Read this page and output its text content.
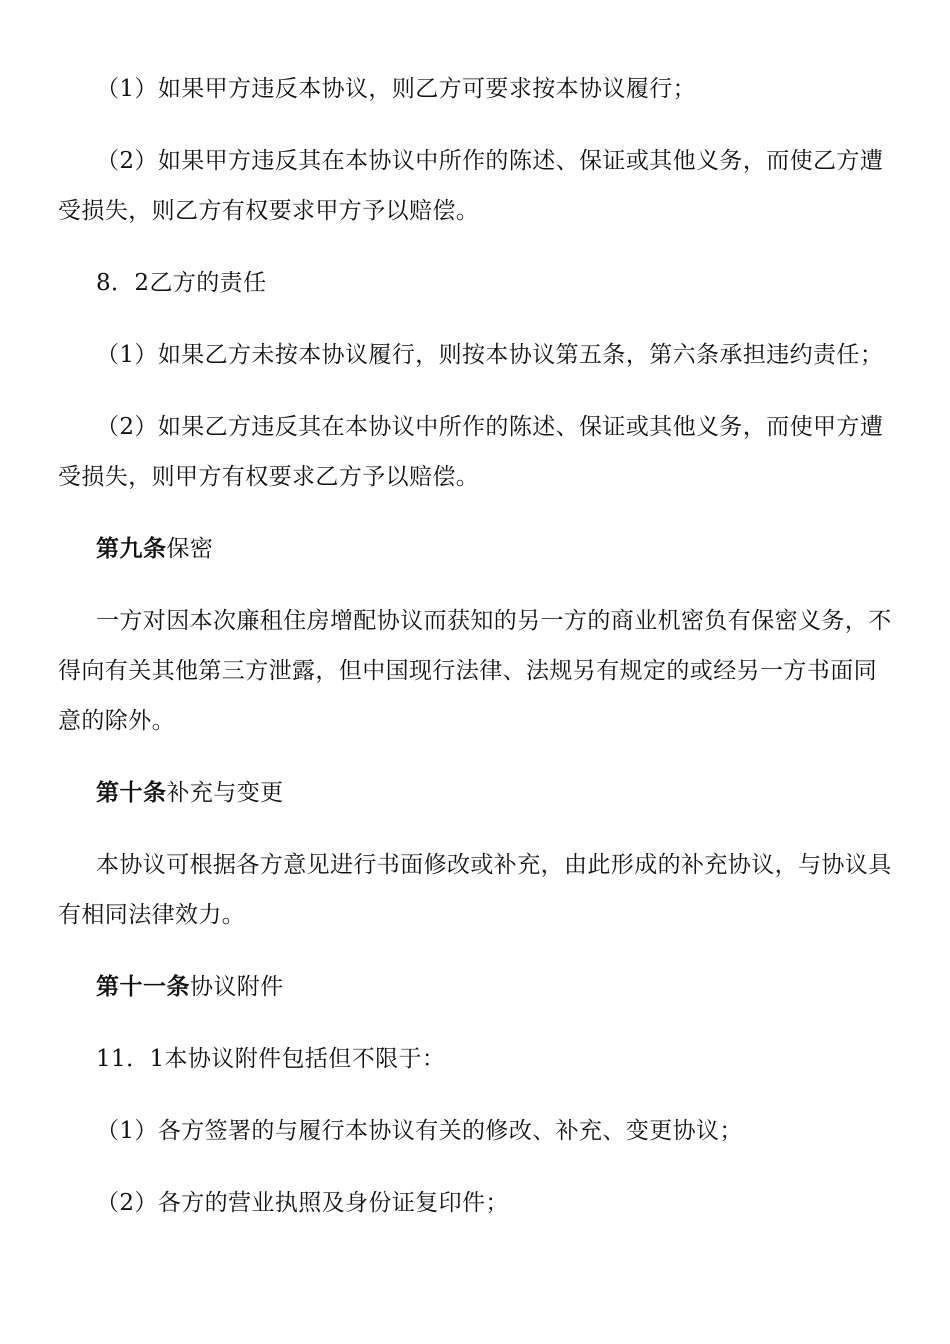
（1）如果甲方违反本协议，则乙方可要求按本协议履行；
（2）如果甲方违反其在本协议中所作的陈述、保证或其他义务，而使乙方遭受损失，则乙方有权要求甲方予以赔偿。
8．2乙方的责任
（1）如果乙方未按本协议履行，则按本协议第五条，第六条承担违约责任；
（2）如果乙方违反其在本协议中所作的陈述、保证或其他义务，而使甲方遭受损失，则甲方有权要求乙方予以赔偿。
第九条保密
一方对因本次廉租住房增配协议而获知的另一方的商业机密负有保密义务，不得向有关其他第三方泄露，但中国现行法律、法规另有规定的或经另一方书面同意的除外。
第十条补充与变更
本协议可根据各方意见进行书面修改或补充，由此形成的补充协议，与协议具有相同法律效力。
第十一条协议附件
11．1本协议附件包括但不限于：
（1）各方签署的与履行本协议有关的修改、补充、变更协议；
（2）各方的营业执照及身份证复印件；
